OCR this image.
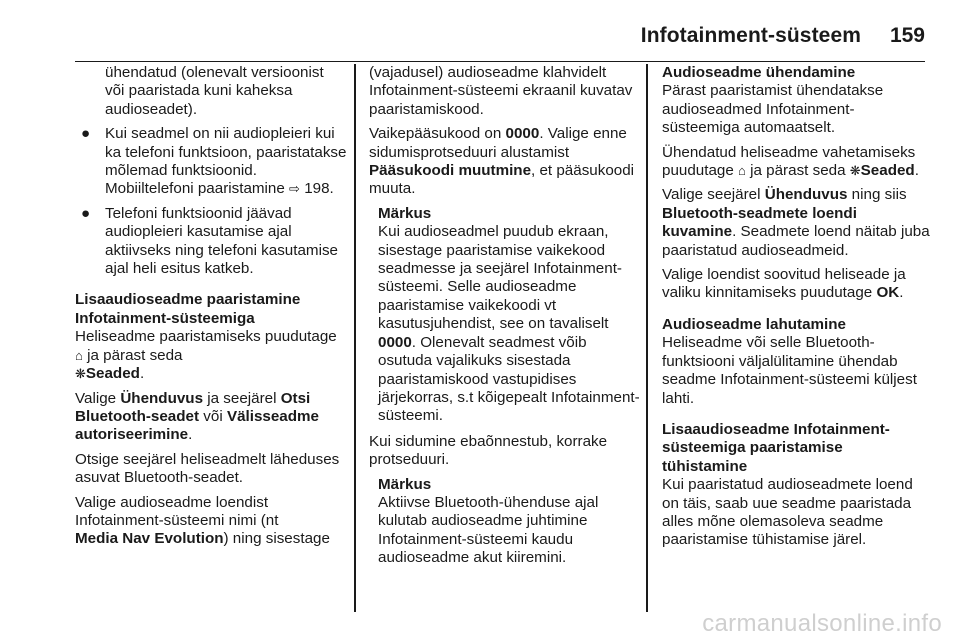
Infotainment-süsteem 159

ühendatud (olenevalt versioonist või paaristada kuni kaheksa audioseadet).

● Kui seadmel on nii audiopleieri kui ka telefoni funktsioon, paaristatakse mõlemad funktsioonid. Mobiiltelefoni paaristamine ⇨ 198.
● Telefoni funktsioonid jäävad audiopleieri kasutamise ajal aktiivseks ning telefoni kasutamise ajal heli esitus katkeb.

Lisaaudioseadme paaristamine Infotainment-süsteemiga

Heliseadme paaristamiseks puudutage ⌂ ja pärast seda
❋Seaded.

Valige Ühenduvus ja seejärel Otsi Bluetooth-seadet või Välisseadme autoriseerimine.

Otsige seejärel heliseadmelt läheduses asuvat Bluetooth-seadet.

Valige audioseadme loendist Infotainment-süsteemi nimi (nt
Media Nav Evolution) ning sisestage

(vajadusel) audioseadme klahvidelt Infotainment-süsteemi ekraanil kuvatav paaristamiskood.

Vaikepääsukood on 0000. Valige enne sidumisprotseduuri alustamist Pääsukoodi muutmine, et pääsukoodi muuta.

Märkus
Kui audioseadmel puudub ekraan, sisestage paaristamise vaikekood seadmesse ja seejärel Infotainment-süsteemi. Selle audioseadme paaristamise vaikekoodi vt kasutusjuhendist, see on tavaliselt 0000. Olenevalt seadmest võib osutuda vajalikuks sisestada paaristamiskood vastupidises järjekorras, s.t kõigepealt Infotainment-süsteemi.

Kui sidumine ebaõnnestub, korrake protseduuri.

Märkus
Aktiivse Bluetooth-ühenduse ajal kulutab audioseadme juhtimine Infotainment-süsteemi kaudu audioseadme akut kiiremini.

Audioseadme ühendamine

Pärast paaristamist ühendatakse audioseadmed Infotainment-süsteemiga automaatselt.

Ühendatud heliseadme vahetamiseks puudutage ⌂ ja pärast seda ❋Seaded.

Valige seejärel Ühenduvus ning siis Bluetooth-seadmete loendi kuvamine. Seadmete loend näitab juba paaristatud audioseadmeid.

Valige loendist soovitud heliseade ja valiku kinnitamiseks puudutage OK.

Audioseadme lahutamine

Heliseadme või selle Bluetooth-funktsiooni väljalülitamine ühendab seadme Infotainment-süsteemi küljest lahti.

Lisaaudioseadme Infotainment-süsteemiga paaristamise tühistamine

Kui paaristatud audioseadmete loend on täis, saab uue seadme paaristada alles mõne olemasoleva seadme paaristamise tühistamise järel.

carmanualsonline.info
